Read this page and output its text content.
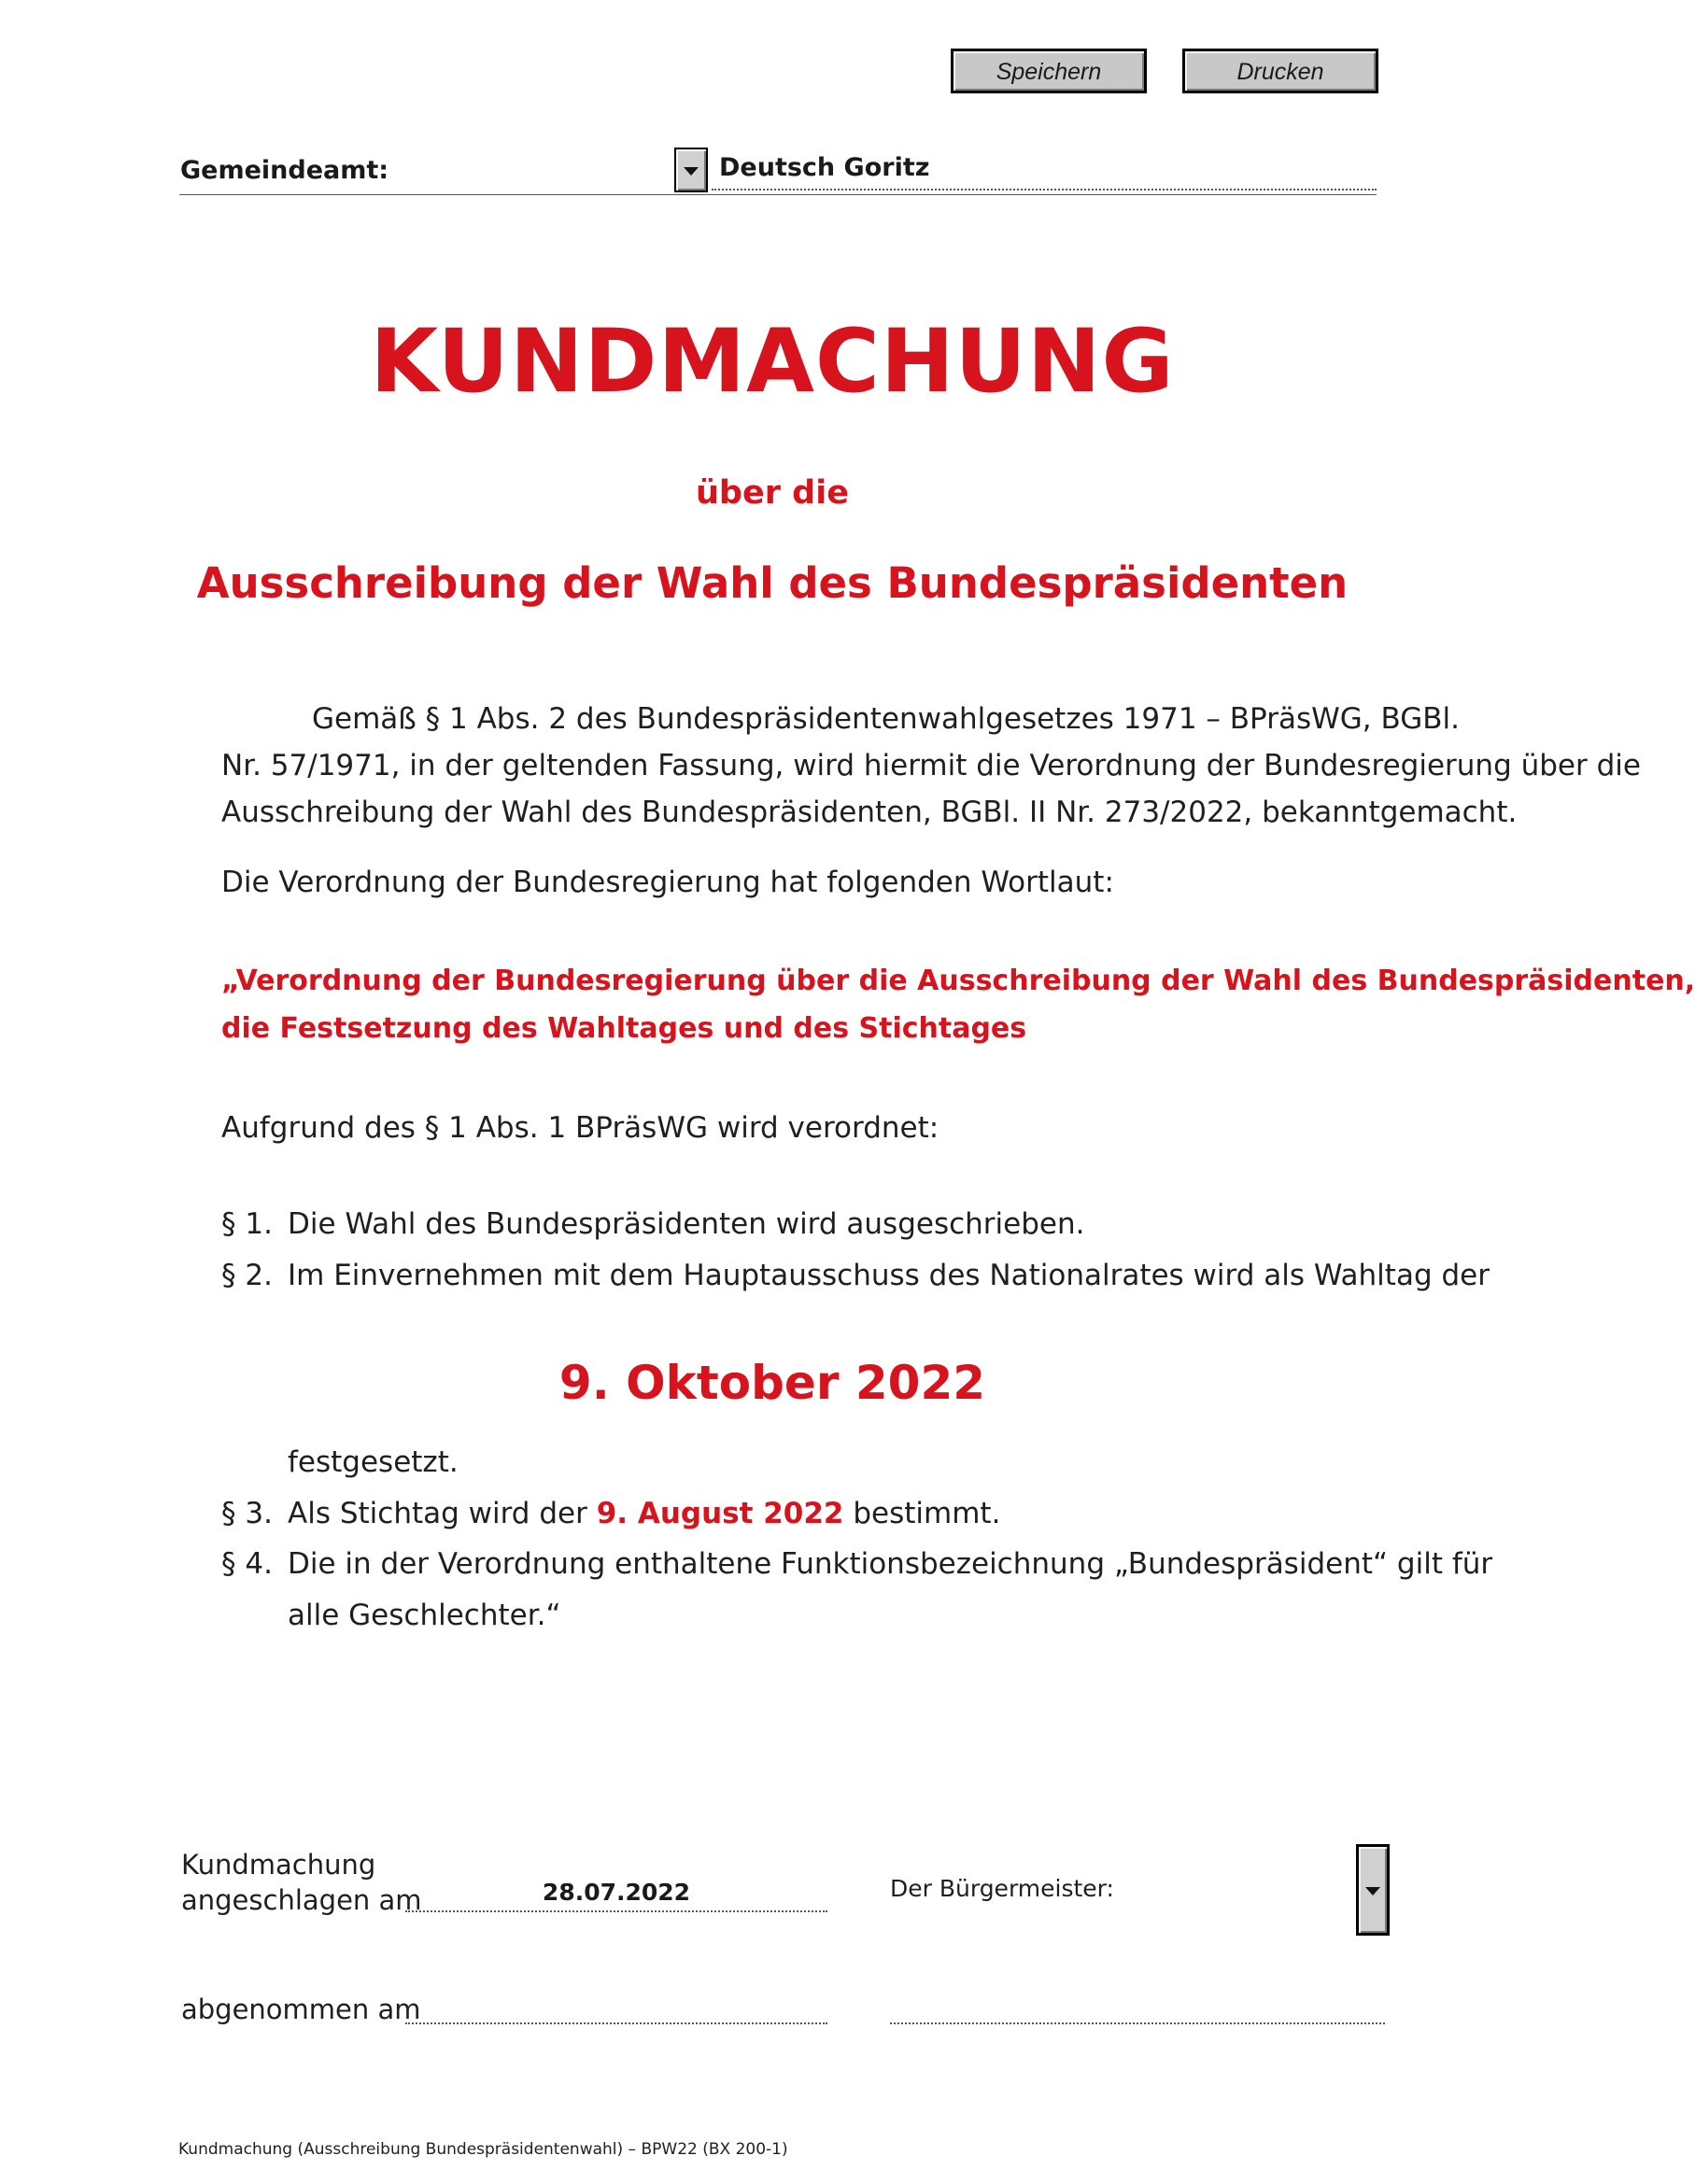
Speichern	Drucken
Gemeindeamt:	Deutsch Goritz
KUNDMACHUNG
über die
Ausschreibung der Wahl des Bundespräsidenten
Gemäß § 1 Abs. 2 des Bundespräsidentenwahlgesetzes 1971 – BPräsWG, BGBl.
Nr. 57/1971, in der geltenden Fassung, wird hiermit die Verordnung der Bundesregierung über die
Ausschreibung der Wahl des Bundespräsidenten, BGBl. II Nr. 273/2022, bekanntgemacht.
Die Verordnung der Bundesregierung hat folgenden Wortlaut:
„Verordnung der Bundesregierung über die Ausschreibung der Wahl des Bundespräsidenten,
die Festsetzung des Wahltages und des Stichtages
Aufgrund des § 1 Abs. 1 BPräsWG wird verordnet:
§ 1. Die Wahl des Bundespräsidenten wird ausgeschrieben.
§ 2. Im Einvernehmen mit dem Hauptausschuss des Nationalrates wird als Wahltag der
9. Oktober 2022
festgesetzt.
§ 3. Als Stichtag wird der 9. August 2022 bestimmt.
§ 4. Die in der Verordnung enthaltene Funktionsbezeichnung „Bundespräsident“ gilt für
alle Geschlechter.“
Kundmachung
angeschlagen am	28.07.2022	Der Bürgermeister:
abgenommen am
Kundmachung (Ausschreibung Bundespräsidentenwahl) – BPW22 (BX 200-1)
